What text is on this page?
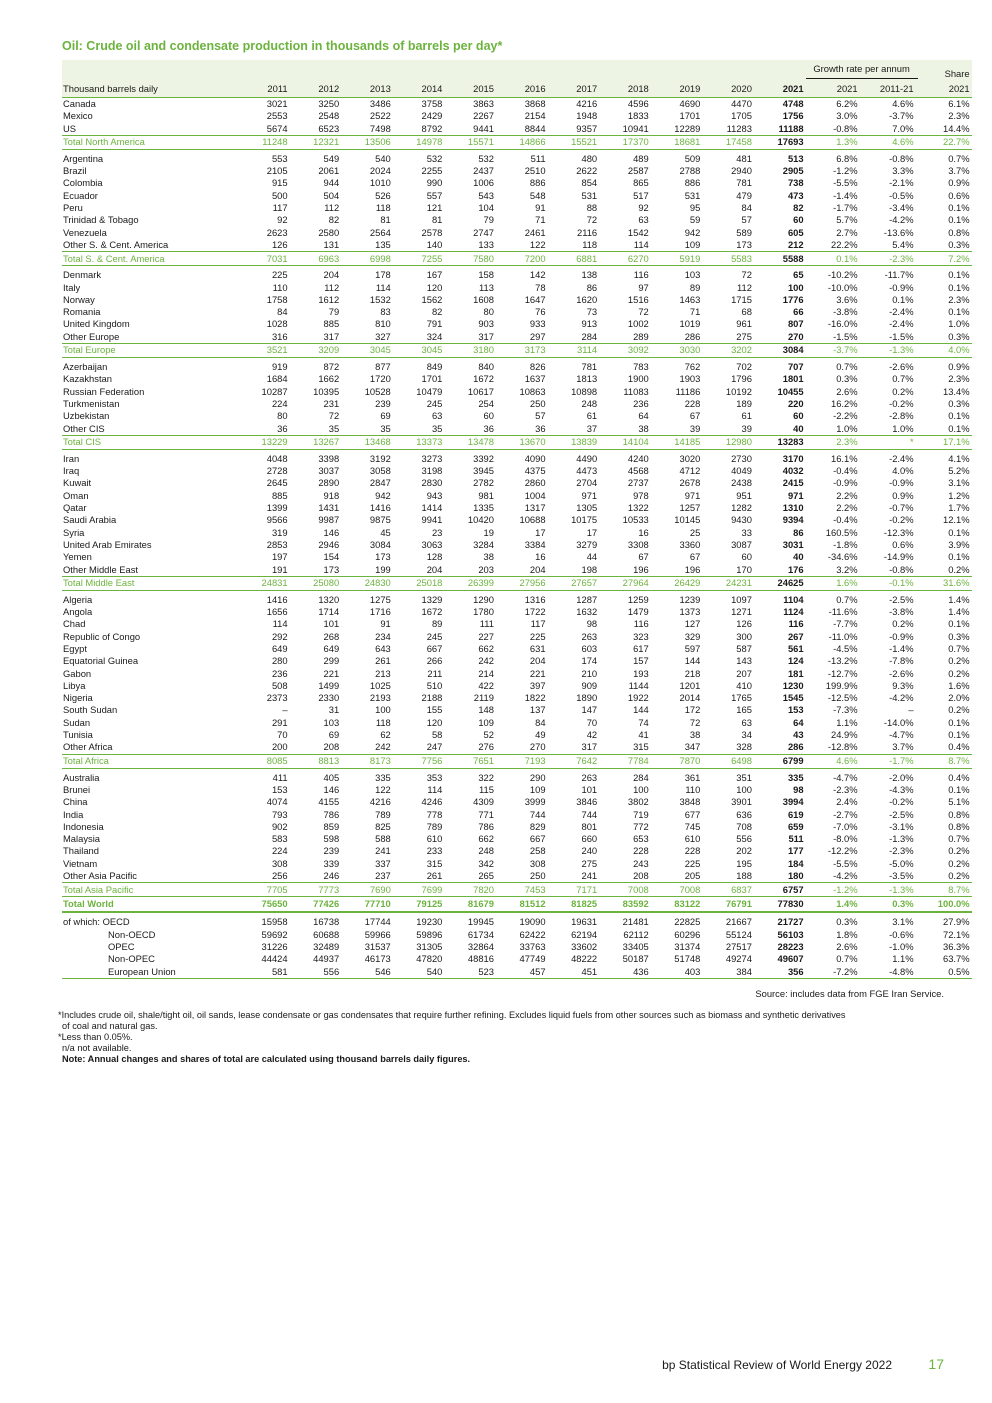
Oil: Crude oil and condensate production in thousands of barrels per day*
												Growth rate per annum		Share
Thousand barrels daily	2011	2012	2013	2014	2015	2016	2017	2018	2019	2020	2021	2021	2011-21	2021
Canada	3021	3250	3486	3758	3863	3868	4216	4596	4690	4470	4748	6.2%	4.6%	6.1%
Mexico	2553	2548	2522	2429	2267	2154	1948	1833	1701	1705	1756	3.0%	-3.7%	2.3%
US	5674	6523	7498	8792	9441	8844	9357	10941	12289	11283	11188	-0.8%	7.0%	14.4%
Total North America	11248	12321	13506	14978	15571	14866	15521	17370	18681	17458	17693	1.3%	4.6%	22.7%

Argentina	553	549	540	532	532	511	480	489	509	481	513	6.8%	-0.8%	0.7%
Brazil	2105	2061	2024	2255	2437	2510	2622	2587	2788	2940	2905	-1.2%	3.3%	3.7%
Colombia	915	944	1010	990	1006	886	854	865	886	781	738	-5.5%	-2.1%	0.9%
Ecuador	500	504	526	557	543	548	531	517	531	479	473	-1.4%	-0.5%	0.6%
Peru	117	112	118	121	104	91	88	92	95	84	82	-1.7%	-3.4%	0.1%
Trinidad & Tobago	92	82	81	81	79	71	72	63	59	57	60	5.7%	-4.2%	0.1%
Venezuela	2623	2580	2564	2578	2747	2461	2116	1542	942	589	605	2.7%	-13.6%	0.8%
Other S. & Cent. America	126	131	135	140	133	122	118	114	109	173	212	22.2%	5.4%	0.3%
Total S. & Cent. America	7031	6963	6998	7255	7580	7200	6881	6270	5919	5583	5588	0.1%	-2.3%	7.2%

Denmark	225	204	178	167	158	142	138	116	103	72	65	-10.2%	-11.7%	0.1%
Italy	110	112	114	120	113	78	86	97	89	112	100	-10.0%	-0.9%	0.1%
Norway	1758	1612	1532	1562	1608	1647	1620	1516	1463	1715	1776	3.6%	0.1%	2.3%
Romania	84	79	83	82	80	76	73	72	71	68	66	-3.8%	-2.4%	0.1%
United Kingdom	1028	885	810	791	903	933	913	1002	1019	961	807	-16.0%	-2.4%	1.0%
Other Europe	316	317	327	324	317	297	284	289	286	275	270	-1.5%	-1.5%	0.3%
Total Europe	3521	3209	3045	3045	3180	3173	3114	3092	3030	3202	3084	-3.7%	-1.3%	4.0%

Azerbaijan	919	872	877	849	840	826	781	783	762	702	707	0.7%	-2.6%	0.9%
Kazakhstan	1684	1662	1720	1701	1672	1637	1813	1900	1903	1796	1801	0.3%	0.7%	2.3%
Russian Federation	10287	10395	10528	10479	10617	10863	10898	11083	11186	10192	10455	2.6%	0.2%	13.4%
Turkmenistan	224	231	239	245	254	250	248	236	228	189	220	16.2%	-0.2%	0.3%
Uzbekistan	80	72	69	63	60	57	61	64	67	61	60	-2.2%	-2.8%	0.1%
Other CIS	36	35	35	35	36	36	37	38	39	39	40	1.0%	1.0%	0.1%
Total CIS	13229	13267	13468	13373	13478	13670	13839	14104	14185	12980	13283	2.3%	*	17.1%

Iran	4048	3398	3192	3273	3392	4090	4490	4240	3020	2730	3170	16.1%	-2.4%	4.1%
Iraq	2728	3037	3058	3198	3945	4375	4473	4568	4712	4049	4032	-0.4%	4.0%	5.2%
Kuwait	2645	2890	2847	2830	2782	2860	2704	2737	2678	2438	2415	-0.9%	-0.9%	3.1%
Oman	885	918	942	943	981	1004	971	978	971	951	971	2.2%	0.9%	1.2%
Qatar	1399	1431	1416	1414	1335	1317	1305	1322	1257	1282	1310	2.2%	-0.7%	1.7%
Saudi Arabia	9566	9987	9875	9941	10420	10688	10175	10533	10145	9430	9394	-0.4%	-0.2%	12.1%
Syria	319	146	45	23	19	17	17	16	25	33	86	160.5%	-12.3%	0.1%
United Arab Emirates	2853	2946	3084	3063	3284	3384	3279	3308	3360	3087	3031	-1.8%	0.6%	3.9%
Yemen	197	154	173	128	38	16	44	67	67	60	40	-34.6%	-14.9%	0.1%
Other Middle East	191	173	199	204	203	204	198	196	196	170	176	3.2%	-0.8%	0.2%
Total Middle East	24831	25080	24830	25018	26399	27956	27657	27964	26429	24231	24625	1.6%	-0.1%	31.6%

Algeria	1416	1320	1275	1329	1290	1316	1287	1259	1239	1097	1104	0.7%	-2.5%	1.4%
Angola	1656	1714	1716	1672	1780	1722	1632	1479	1373	1271	1124	-11.6%	-3.8%	1.4%
Chad	114	101	91	89	111	117	98	116	127	126	116	-7.7%	0.2%	0.1%
Republic of Congo	292	268	234	245	227	225	263	323	329	300	267	-11.0%	-0.9%	0.3%
Egypt	649	649	643	667	662	631	603	617	597	587	561	-4.5%	-1.4%	0.7%
Equatorial Guinea	280	299	261	266	242	204	174	157	144	143	124	-13.2%	-7.8%	0.2%
Gabon	236	221	213	211	214	221	210	193	218	207	181	-12.7%	-2.6%	0.2%
Libya	508	1499	1025	510	422	397	909	1144	1201	410	1230	199.9%	9.3%	1.6%
Nigeria	2373	2330	2193	2188	2119	1822	1890	1922	2014	1765	1545	-12.5%	-4.2%	2.0%
South Sudan	–	31	100	155	148	137	147	144	172	165	153	-7.3%	–	0.2%
Sudan	291	103	118	120	109	84	70	74	72	63	64	1.1%	-14.0%	0.1%
Tunisia	70	69	62	58	52	49	42	41	38	34	43	24.9%	-4.7%	0.1%
Other Africa	200	208	242	247	276	270	317	315	347	328	286	-12.8%	3.7%	0.4%
Total Africa	8085	8813	8173	7756	7651	7193	7642	7784	7870	6498	6799	4.6%	-1.7%	8.7%

Australia	411	405	335	353	322	290	263	284	361	351	335	-4.7%	-2.0%	0.4%
Brunei	153	146	122	114	115	109	101	100	110	100	98	-2.3%	-4.3%	0.1%
China	4074	4155	4216	4246	4309	3999	3846	3802	3848	3901	3994	2.4%	-0.2%	5.1%
India	793	786	789	778	771	744	744	719	677	636	619	-2.7%	-2.5%	0.8%
Indonesia	902	859	825	789	786	829	801	772	745	708	659	-7.0%	-3.1%	0.8%
Malaysia	583	598	588	610	662	667	660	653	610	556	511	-8.0%	-1.3%	0.7%
Thailand	224	239	241	233	248	258	240	228	228	202	177	-12.2%	-2.3%	0.2%
Vietnam	308	339	337	315	342	308	275	243	225	195	184	-5.5%	-5.0%	0.2%
Other Asia Pacific	256	246	237	261	265	250	241	208	205	188	180	-4.2%	-3.5%	0.2%
Total Asia Pacific	7705	7773	7690	7699	7820	7453	7171	7008	7008	6837	6757	-1.2%	-1.3%	8.7%
Total World	75650	77426	77710	79125	81679	81512	81825	83592	83122	76791	77830	1.4%	0.3%	100.0%

of which: OECD	15958	16738	17744	19230	19945	19090	19631	21481	22825	21667	21727	0.3%	3.1%	27.9%
Non-OECD	59692	60688	59966	59896	61734	62422	62194	62112	60296	55124	56103	1.8%	-0.6%	72.1%
OPEC	31226	32489	31537	31305	32864	33763	33602	33405	31374	27517	28223	2.6%	-1.0%	36.3%
Non-OPEC	44424	44937	46173	47820	48816	47749	48222	50187	51748	49274	49607	0.7%	1.1%	63.7%
European Union	581	556	546	540	523	457	451	436	403	384	356	-7.2%	-4.8%	0.5%
Source: includes data from FGE Iran Service.
*Includes crude oil, shale/tight oil, oil sands, lease condensate or gas condensates that require further refining. Excludes liquid fuels from other sources such as biomass and synthetic derivatives
of coal and natural gas.
*Less than 0.05%.
n/a not available.
Note: Annual changes and shares of total are calculated using thousand barrels daily figures.
bp Statistical Review of World Energy 2022	17
